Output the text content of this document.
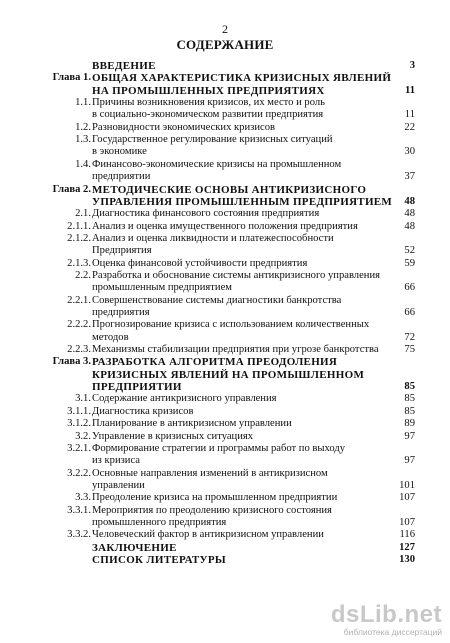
2
СОДЕРЖАНИЕ
ВВЕДЕНИЕ	3
Глава 1. ОБЩАЯ ХАРАКТЕРИСТИКА КРИЗИСНЫХ ЯВЛЕНИЙ
НА ПРОМЫШЛЕННЫХ ПРЕДПРИЯТИЯХ	11
1.1. Причины возникновения кризисов, их место и роль
в социально-экономическом развитии предприятия	11
1.2. Разновидности экономических кризисов	22
1.3. Государственное регулирование кризисных ситуаций
в экономике	30
1.4. Финансово-экономические кризисы на промышленном
предприятии	37
Глава 2. МЕТОДИЧЕСКИЕ ОСНОВЫ АНТИКРИЗИСНОГО
УПРАВЛЕНИЯ ПРОМЫШЛЕННЫМ ПРЕДПРИЯТИЕМ	48
2.1. Диагностика финансового состояния предприятия	48
2.1.1. Анализ и оценка имущественного положения предприятия	48
2.1.2. Анализ и оценка ликвидности и платежеспособности
Предприятия	52
2.1.3. Оценка финансовой устойчивости предприятия	59
2.2. Разработка и обоснование системы антикризисного управления
промышленным предприятием	66
2.2.1. Совершенствование системы диагностики банкротства
предприятия	66
2.2.2. Прогнозирование кризиса с использованием количественных
методов	72
2.2.3. Механизмы стабилизации предприятия при угрозе банкротства	75
Глава 3. РАЗРАБОТКА АЛГОРИТМА ПРЕОДОЛЕНИЯ
КРИЗИСНЫХ ЯВЛЕНИЙ НА ПРОМЫШЛЕННОМ
ПРЕДПРИЯТИИ	85
3.1. Содержание антикризисного управления	85
3.1.1. Диагностика кризисов	85
3.1.2. Планирование в антикризисном управлении	89
3.2. Управление в кризисных ситуациях	97
3.2.1. Формирование стратегии и программы работ по выходу
из кризиса	97
3.2.2. Основные направления изменений в антикризисном
управлении	101
3.3. Преодоление кризиса на промышленном предприятии	107
3.3.1. Мероприятия по преодолению кризисного состояния
промышленного предприятия	107
3.3.2. Человеческий фактор в антикризисном управлении	116
ЗАКЛЮЧЕНИЕ	127
СПИСОК ЛИТЕРАТУРЫ	130
dsLib.net
библиотека диссертаций
